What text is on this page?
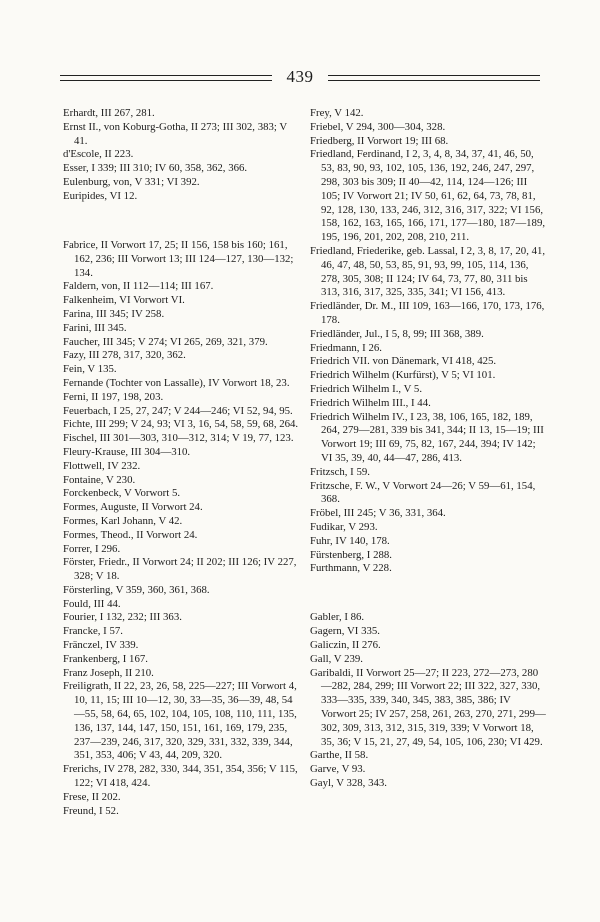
439

Erhardt, III 267, 281.

Ernst II., von Koburg-Gotha, II 273; III 302, 383; V 41.

d'Escole, II 223.

Esser, I 339; III 310; IV 60, 358, 362, 366.

Eulenburg, von, V 331; VI 392.

Euripides, VI 12.

Fabrice, II Vorwort 17, 25; II 156, 158 bis 160; 161, 162, 236; III Vorwort 13; III 124—127, 130—132; 134.

Faldern, von, II 112—114; III 167.

Falkenheim, VI Vorwort VI.

Farina, III 345; IV 258.

Farini, III 345.

Faucher, III 345; V 274; VI 265, 269, 321, 379.

Fazy, III 278, 317, 320, 362.

Fein, V 135.

Fernande (Tochter von Lassalle), IV Vorwort 18, 23.

Ferni, II 197, 198, 203.

Feuerbach, I 25, 27, 247; V 244—246; VI 52, 94, 95.

Fichte, III 299; V 24, 93; VI 3, 16, 54, 58, 59, 68, 264.

Fischel, III 301—303, 310—312, 314; V 19, 77, 123.

Fleury-Krause, III 304—310.

Flottwell, IV 232.

Fontaine, V 230.

Forckenbeck, V Vorwort 5.

Formes, Auguste, II Vorwort 24.

Formes, Karl Johann, V 42.

Formes, Theod., II Vorwort 24.

Forrer, I 296.

Förster, Friedr., II Vorwort 24; II 202; III 126; IV 227, 328; V 18.

Försterling, V 359, 360, 361, 368.

Fould, III 44.

Fourier, I 132, 232; III 363.

Francke, I 57.

Fränczel, IV 339.

Frankenberg, I 167.

Franz Joseph, II 210.

Freiligrath, II 22, 23, 26, 58, 225—227; III Vorwort 4, 10, 11, 15; III 10—12, 30, 33—35, 36—39, 48, 54—55, 58, 64, 65, 102, 104, 105, 108, 110, 111, 135, 136, 137, 144, 147, 150, 151, 161, 169, 179, 235, 237—239, 246, 317, 320, 329, 331, 332, 339, 344, 351, 353, 406; V 43, 44, 209, 320.

Frerichs, IV 278, 282, 330, 344, 351, 354, 356; V 115, 122; VI 418, 424.

Frese, II 202.

Freund, I 52.

Frey, V 142.

Friebel, V 294, 300—304, 328.

Friedberg, II Vorwort 19; III 68.

Friedland, Ferdinand, I 2, 3, 4, 8, 34, 37, 41, 46, 50, 53, 83, 90, 93, 102, 105, 136, 192, 246, 247, 297, 298, 303 bis 309; II 40—42, 114, 124—126; III 105; IV Vorwort 21; IV 50, 61, 62, 64, 73, 78, 81, 92, 128, 130, 133, 246, 312, 316, 317, 322; VI 156, 158, 162, 163, 165, 166, 171, 177—180, 187—189, 195, 196, 201, 202, 208, 210, 211.

Friedland, Friederike, geb. Lassal, I 2, 3, 8, 17, 20, 41, 46, 47, 48, 50, 53, 85, 91, 93, 99, 105, 114, 136, 278, 305, 308; II 124; IV 64, 73, 77, 80, 311 bis 313, 316, 317, 325, 335, 341; VI 156, 413.

Friedländer, Dr. M., III 109, 163—166, 170, 173, 176, 178.

Friedländer, Jul., I 5, 8, 99; III 368, 389.

Friedmann, I 26.

Friedrich VII. von Dänemark, VI 418, 425.

Friedrich Wilhelm (Kurfürst), V 5; VI 101.

Friedrich Wilhelm I., V 5.

Friedrich Wilhelm III., I 44.

Friedrich Wilhelm IV., I 23, 38, 106, 165, 182, 189, 264, 279—281, 339 bis 341, 344; II 13, 15—19; III Vorwort 19; III 69, 75, 82, 167, 244, 394; IV 142; VI 35, 39, 40, 44—47, 286, 413.

Fritzsch, I 59.

Fritzsche, F. W., V Vorwort 24—26; V 59—61, 154, 368.

Fröbel, III 245; V 36, 331, 364.

Fudikar, V 293.

Fuhr, IV 140, 178.

Fürstenberg, I 288.

Furthmann, V 228.

Gabler, I 86.

Gagern, VI 335.

Galiczin, II 276.

Gall, V 239.

Garibaldi, II Vorwort 25—27; II 223, 272—273, 280—282, 284, 299; III Vorwort 22; III 322, 327, 330, 333—335, 339, 340, 345, 383, 385, 386; IV Vorwort 25; IV 257, 258, 261, 263, 270, 271, 299—302, 309, 313, 312, 315, 319, 339; V Vorwort 18, 35, 36; V 15, 21, 27, 49, 54, 105, 106, 230; VI 429.

Garthe, II 58.

Garve, V 93.

Gayl, V 328, 343.
